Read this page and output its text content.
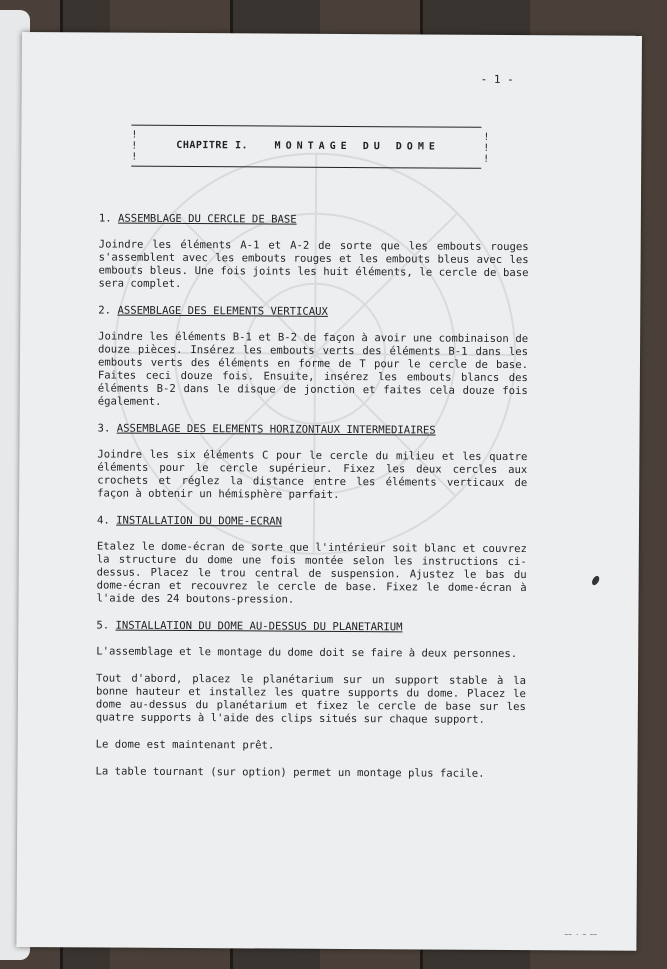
- 1 -
!
!
!
!
!
!
CHAPITRE I.	MONTAGE DU DOME
1. ASSEMBLAGE DU CERCLE DE BASE

Joindre les éléments A-1 et A-2 de sorte que les embouts rouges s'assemblent avec les embouts rouges et les embouts bleus avec les embouts bleus. Une fois joints les huit éléments, le cercle de base sera complet.

2. ASSEMBLAGE DES ELEMENTS VERTICAUX

Joindre les éléments B-1 et B-2 de façon à avoir une combinaison de douze pièces. Insérez les embouts verts des éléments B-1 dans les embouts verts des éléments en forme de T pour le cercle de base. Faites ceci douze fois. Ensuite, insérez les embouts blancs des éléments B-2 dans le disque de jonction et faites cela douze fois également.

3. ASSEMBLAGE DES ELEMENTS HORIZONTAUX INTERMEDIAIRES

Joindre les six éléments C pour le cercle du milieu et les quatre éléments pour le cercle supérieur. Fixez les deux cercles aux crochets et réglez la distance entre les éléments verticaux de façon à obtenir un hémisphère parfait.

4. INSTALLATION DU DOME-ECRAN

Etalez le dome-écran de sorte que l'intérieur soit blanc et couvrez la structure du dome une fois montée selon les instructions ci-dessus. Placez le trou central de suspension. Ajustez le bas du dome-écran et recouvrez le cercle de base. Fixez le dome-écran à l'aide des 24 boutons-pression.

5. INSTALLATION DU DOME AU-DESSUS DU PLANETARIUM

L'assemblage et le montage du dome doit se faire à deux personnes.

Tout d'abord, placez le planétarium sur un support stable à la bonne hauteur et installez les quatre supports du dome. Placez le dome au-dessus du planétarium et fixez le cercle de base sur les quatre supports à l'aide des clips situés sur chaque support.

Le dome est maintenant prêt.

La table tournant (sur option) permet un montage plus facile.

~~ · ~ ~~
